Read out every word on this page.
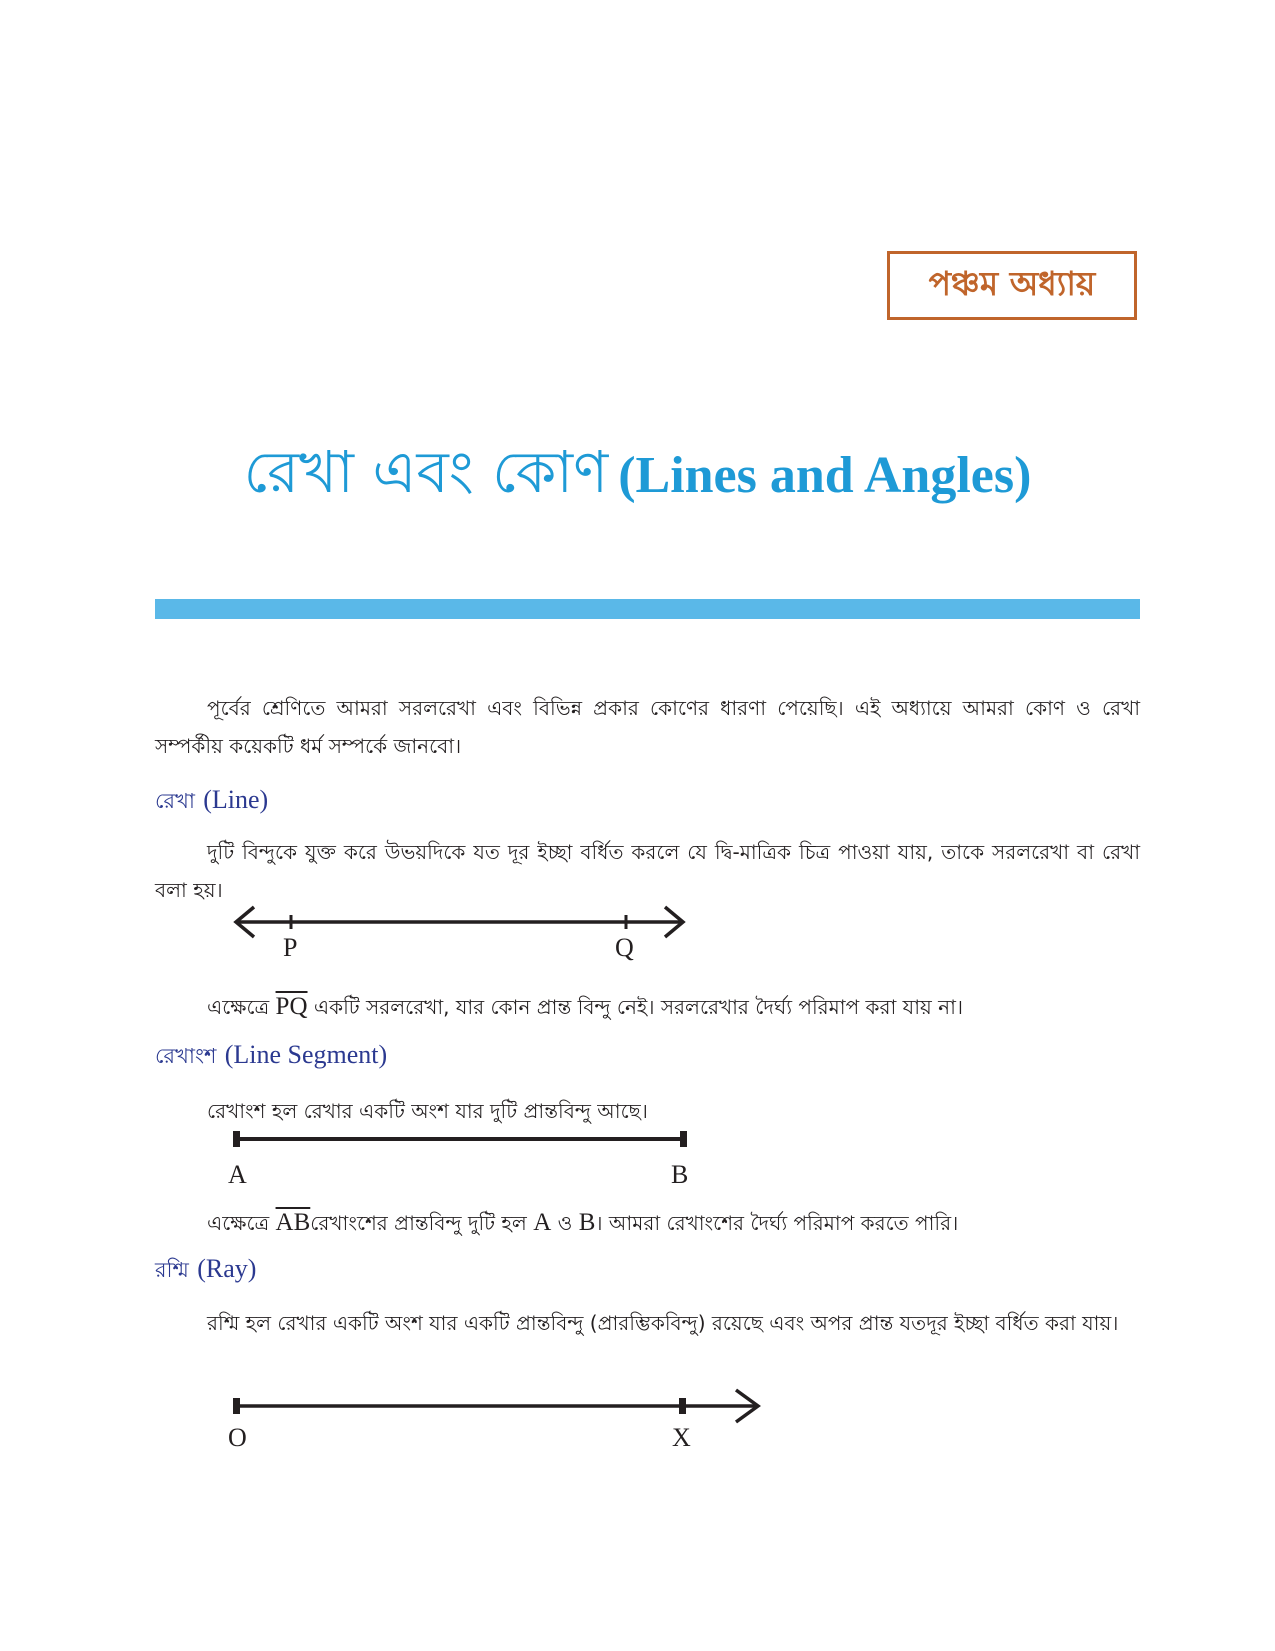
পঞ্চম অধ্যায়
রেখা এবং কোণ (Lines and Angles)

পূর্বের শ্রেণিতে আমরা সরলরেখা এবং বিভিন্ন প্রকার কোণের ধারণা পেয়েছি। এই অধ্যায়ে আমরা কোণ ও রেখা সম্পর্কীয় কয়েকটি ধর্ম সম্পর্কে জানবো।

রেখা (Line)

দুটি বিন্দুকে যুক্ত করে উভয়দিকে যত দূর ইচ্ছা বর্ধিত করলে যে দ্বি-মাত্রিক চিত্র পাওয়া যায়, তাকে সরলরেখা বা রেখা বলা হয়।

P	Q
এক্ষেত্রে $\overline{PQ}$ একটি সরলরেখা, যার কোন প্রান্ত বিন্দু নেই। সরলরেখার দৈর্ঘ্য পরিমাপ করা যায় না।
রেখাংশ (Line Segment)
রেখাংশ হল রেখার একটি অংশ যার দুটি প্রান্তবিন্দু আছে।
A	B
এক্ষেত্রে $\overline{AB}রেখাংশের$ প্রান্তবিন্দু দুটি হল A ও B। আমরা রেখাংশের দৈর্ঘ্য পরিমাপ করতে পারি।
রশ্মি (Ray)

রশ্মি হল রেখার একটি অংশ যার একটি প্রান্তবিন্দু (প্রারম্ভিকবিন্দু) রয়েছে এবং অপর প্রান্ত যতদূর ইচ্ছা বর্ধিত করা যায়।

O	X
